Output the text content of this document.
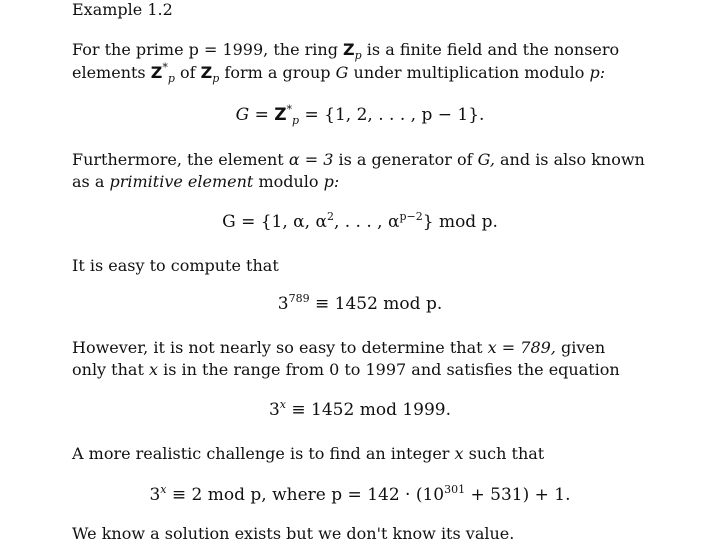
Example 1.2
For the prime p = 1999, the ring $Z_p$ is a finite field and the nonsero
elements $Z^*_p$ of $Z_p$ form a group G under multiplication modulo p:
$G = Z^*_p = \{1$, 2, . . . , p − 1}.
Furthermore, the element α = 3 is a generator of G, and is also known
as a primitive element modulo p:
G = {1, α, $\alpha^2$, . . . , $\alpha^{p-2}$} mod p.
It is easy to compute that
$3^{789} \equiv 1452$ mod p.
However, it is not nearly so easy to determine that x = 789, given
only that x is in the range from 0 to 1997 and satisfies the equation
$3^x \equiv 1452$ mod 1999.
A more realistic challenge is to find an integer x such that
$3^x \equiv 2$ mod p, where $p = 142 \cdot (10^{301} + 531) + 1$.
We know a solution exists but we don't know its value.
